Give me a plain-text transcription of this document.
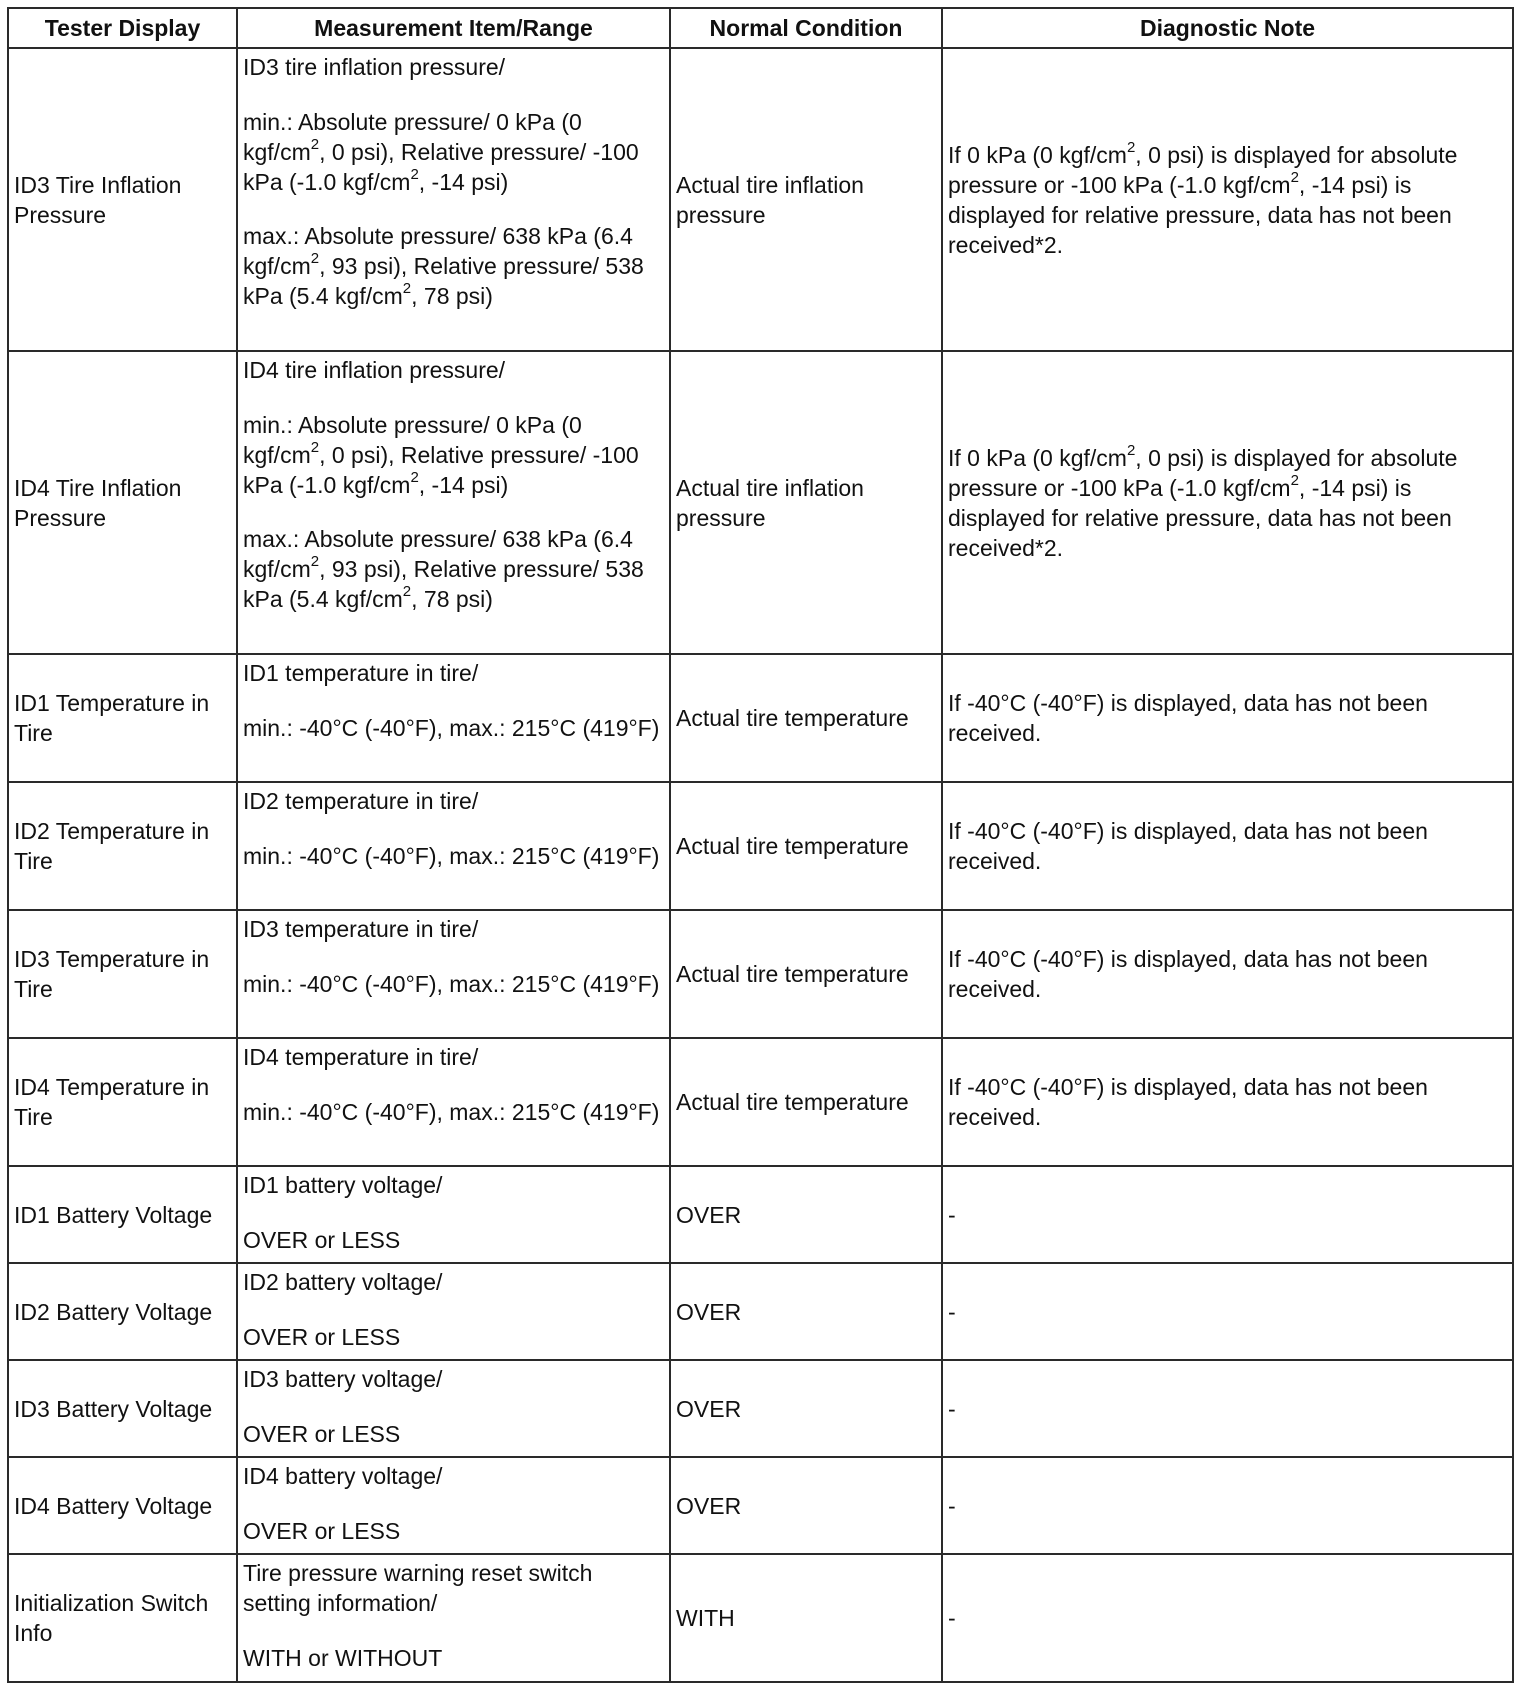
Tester Display	Measurement Item/Range	Normal Condition	Diagnostic Note
ID3 Tire Inflation Pressure	ID3 tire inflation pressure/
min.: Absolute pressure/ 0 kPa (0 kgf/$cm^2$, 0 psi), Relative pressure/ -100 kPa (-1.0 kgf/$cm^2$, -14 psi)
max.: Absolute pressure/ 638 kPa (6.4 kgf/$cm^2$, 93 psi), Relative pressure/ 538 kPa (5.4 kgf/$cm^2$, 78 psi)	Actual tire inflation pressure	If 0 kPa (0 kgf/$cm^2$, 0 psi) is displayed for absolute pressure or -100 kPa (-1.0 kgf/$cm^2$, -14 psi) is displayed for relative pressure, data has not been received*2.
ID4 Tire Inflation Pressure	ID4 tire inflation pressure/
min.: Absolute pressure/ 0 kPa (0 kgf/$cm^2$, 0 psi), Relative pressure/ -100 kPa (-1.0 kgf/$cm^2$, -14 psi)
max.: Absolute pressure/ 638 kPa (6.4 kgf/$cm^2$, 93 psi), Relative pressure/ 538 kPa (5.4 kgf/$cm^2$, 78 psi)	Actual tire inflation pressure	If 0 kPa (0 kgf/$cm^2$, 0 psi) is displayed for absolute pressure or -100 kPa (-1.0 kgf/$cm^2$, -14 psi) is displayed for relative pressure, data has not been received*2.
ID1 Temperature in Tire	ID1 temperature in tire/
min.: -40°C (-40°F), max.: 215°C (419°F)	Actual tire temperature	If -40°C (-40°F) is displayed, data has not been received.
ID2 Temperature in Tire	ID2 temperature in tire/
min.: -40°C (-40°F), max.: 215°C (419°F)	Actual tire temperature	If -40°C (-40°F) is displayed, data has not been received.
ID3 Temperature in Tire	ID3 temperature in tire/
min.: -40°C (-40°F), max.: 215°C (419°F)	Actual tire temperature	If -40°C (-40°F) is displayed, data has not been received.
ID4 Temperature in Tire	ID4 temperature in tire/
min.: -40°C (-40°F), max.: 215°C (419°F)	Actual tire temperature	If -40°C (-40°F) is displayed, data has not been received.
ID1 Battery Voltage	ID1 battery voltage/
OVER or LESS	OVER	-
ID2 Battery Voltage	ID2 battery voltage/
OVER or LESS	OVER	-
ID3 Battery Voltage	ID3 battery voltage/
OVER or LESS	OVER	-
ID4 Battery Voltage	ID4 battery voltage/
OVER or LESS	OVER	-
Initialization Switch Info	Tire pressure warning reset switch setting information/
WITH or WITHOUT	WITH	-
